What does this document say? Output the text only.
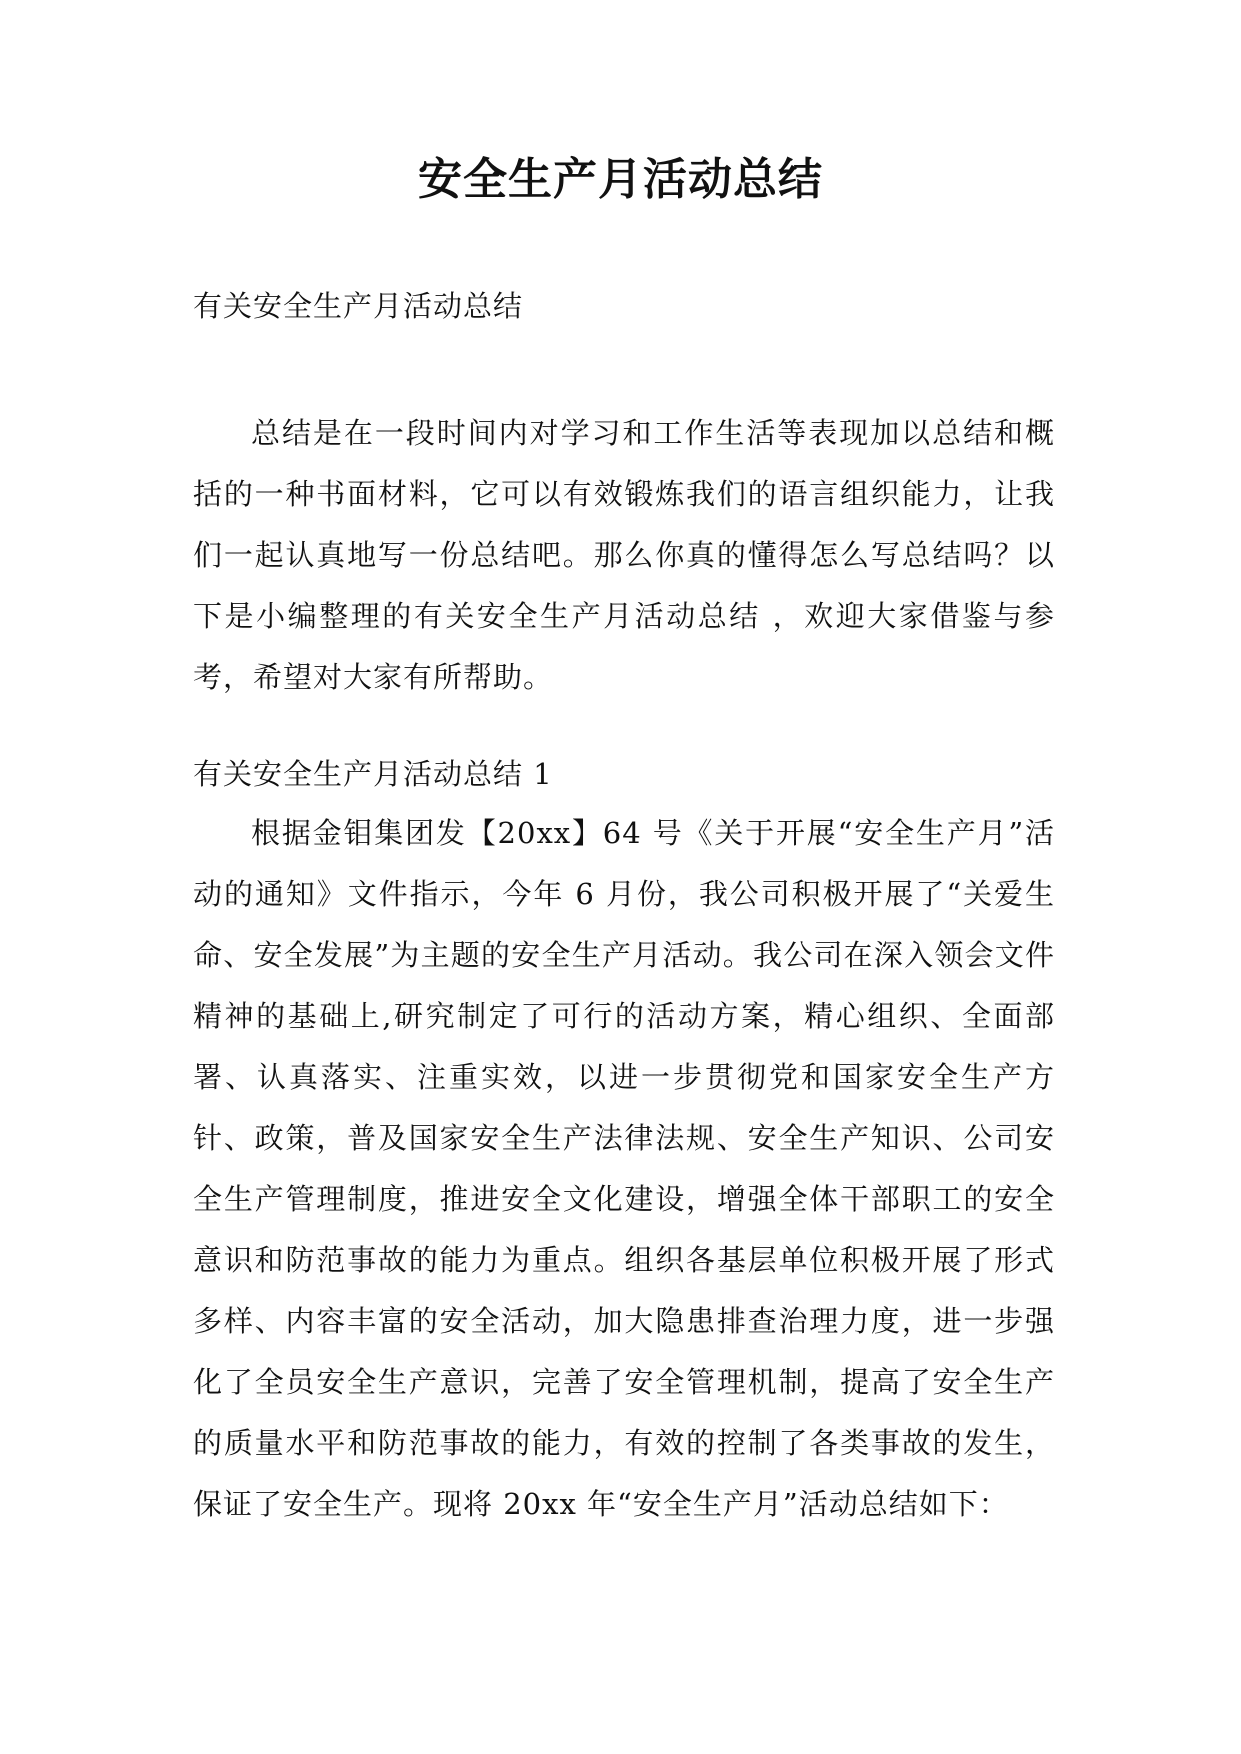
安全生产月活动总结
有关安全生产月活动总结

总结是在一段时间内对学习和工作生活等表现加以总结和概括的一种书面材料，它可以有效锻炼我们的语言组织能力，让我们一起认真地写一份总结吧。那么你真的懂得怎么写总结吗？以下是小编整理的有关安全生产月活动总结 ，欢迎大家借鉴与参考，希望对大家有所帮助。

有关安全生产月活动总结 1

根据金钼集团发【20xx】64 号《关于开展“安全生产月”活动的通知》文件指示，今年 6 月份，我公司积极开展了“关爱生命、安全发展”为主题的安全生产月活动。我公司在深入领会文件精神的基础上,研究制定了可行的活动方案，精心组织、全面部署、认真落实、注重实效，以进一步贯彻党和国家安全生产方针、政策，普及国家安全生产法律法规、安全生产知识、公司安全生产管理制度，推进安全文化建设，增强全体干部职工的安全意识和防范事故的能力为重点。组织各基层单位积极开展了形式多样、内容丰富的安全活动，加大隐患排查治理力度，进一步强化了全员安全生产意识，完善了安全管理机制，提高了安全生产的质量水平和防范事故的能力，有效的控制了各类事故的发生，保证了安全生产。现将 20xx 年“安全生产月”活动总结如下：
